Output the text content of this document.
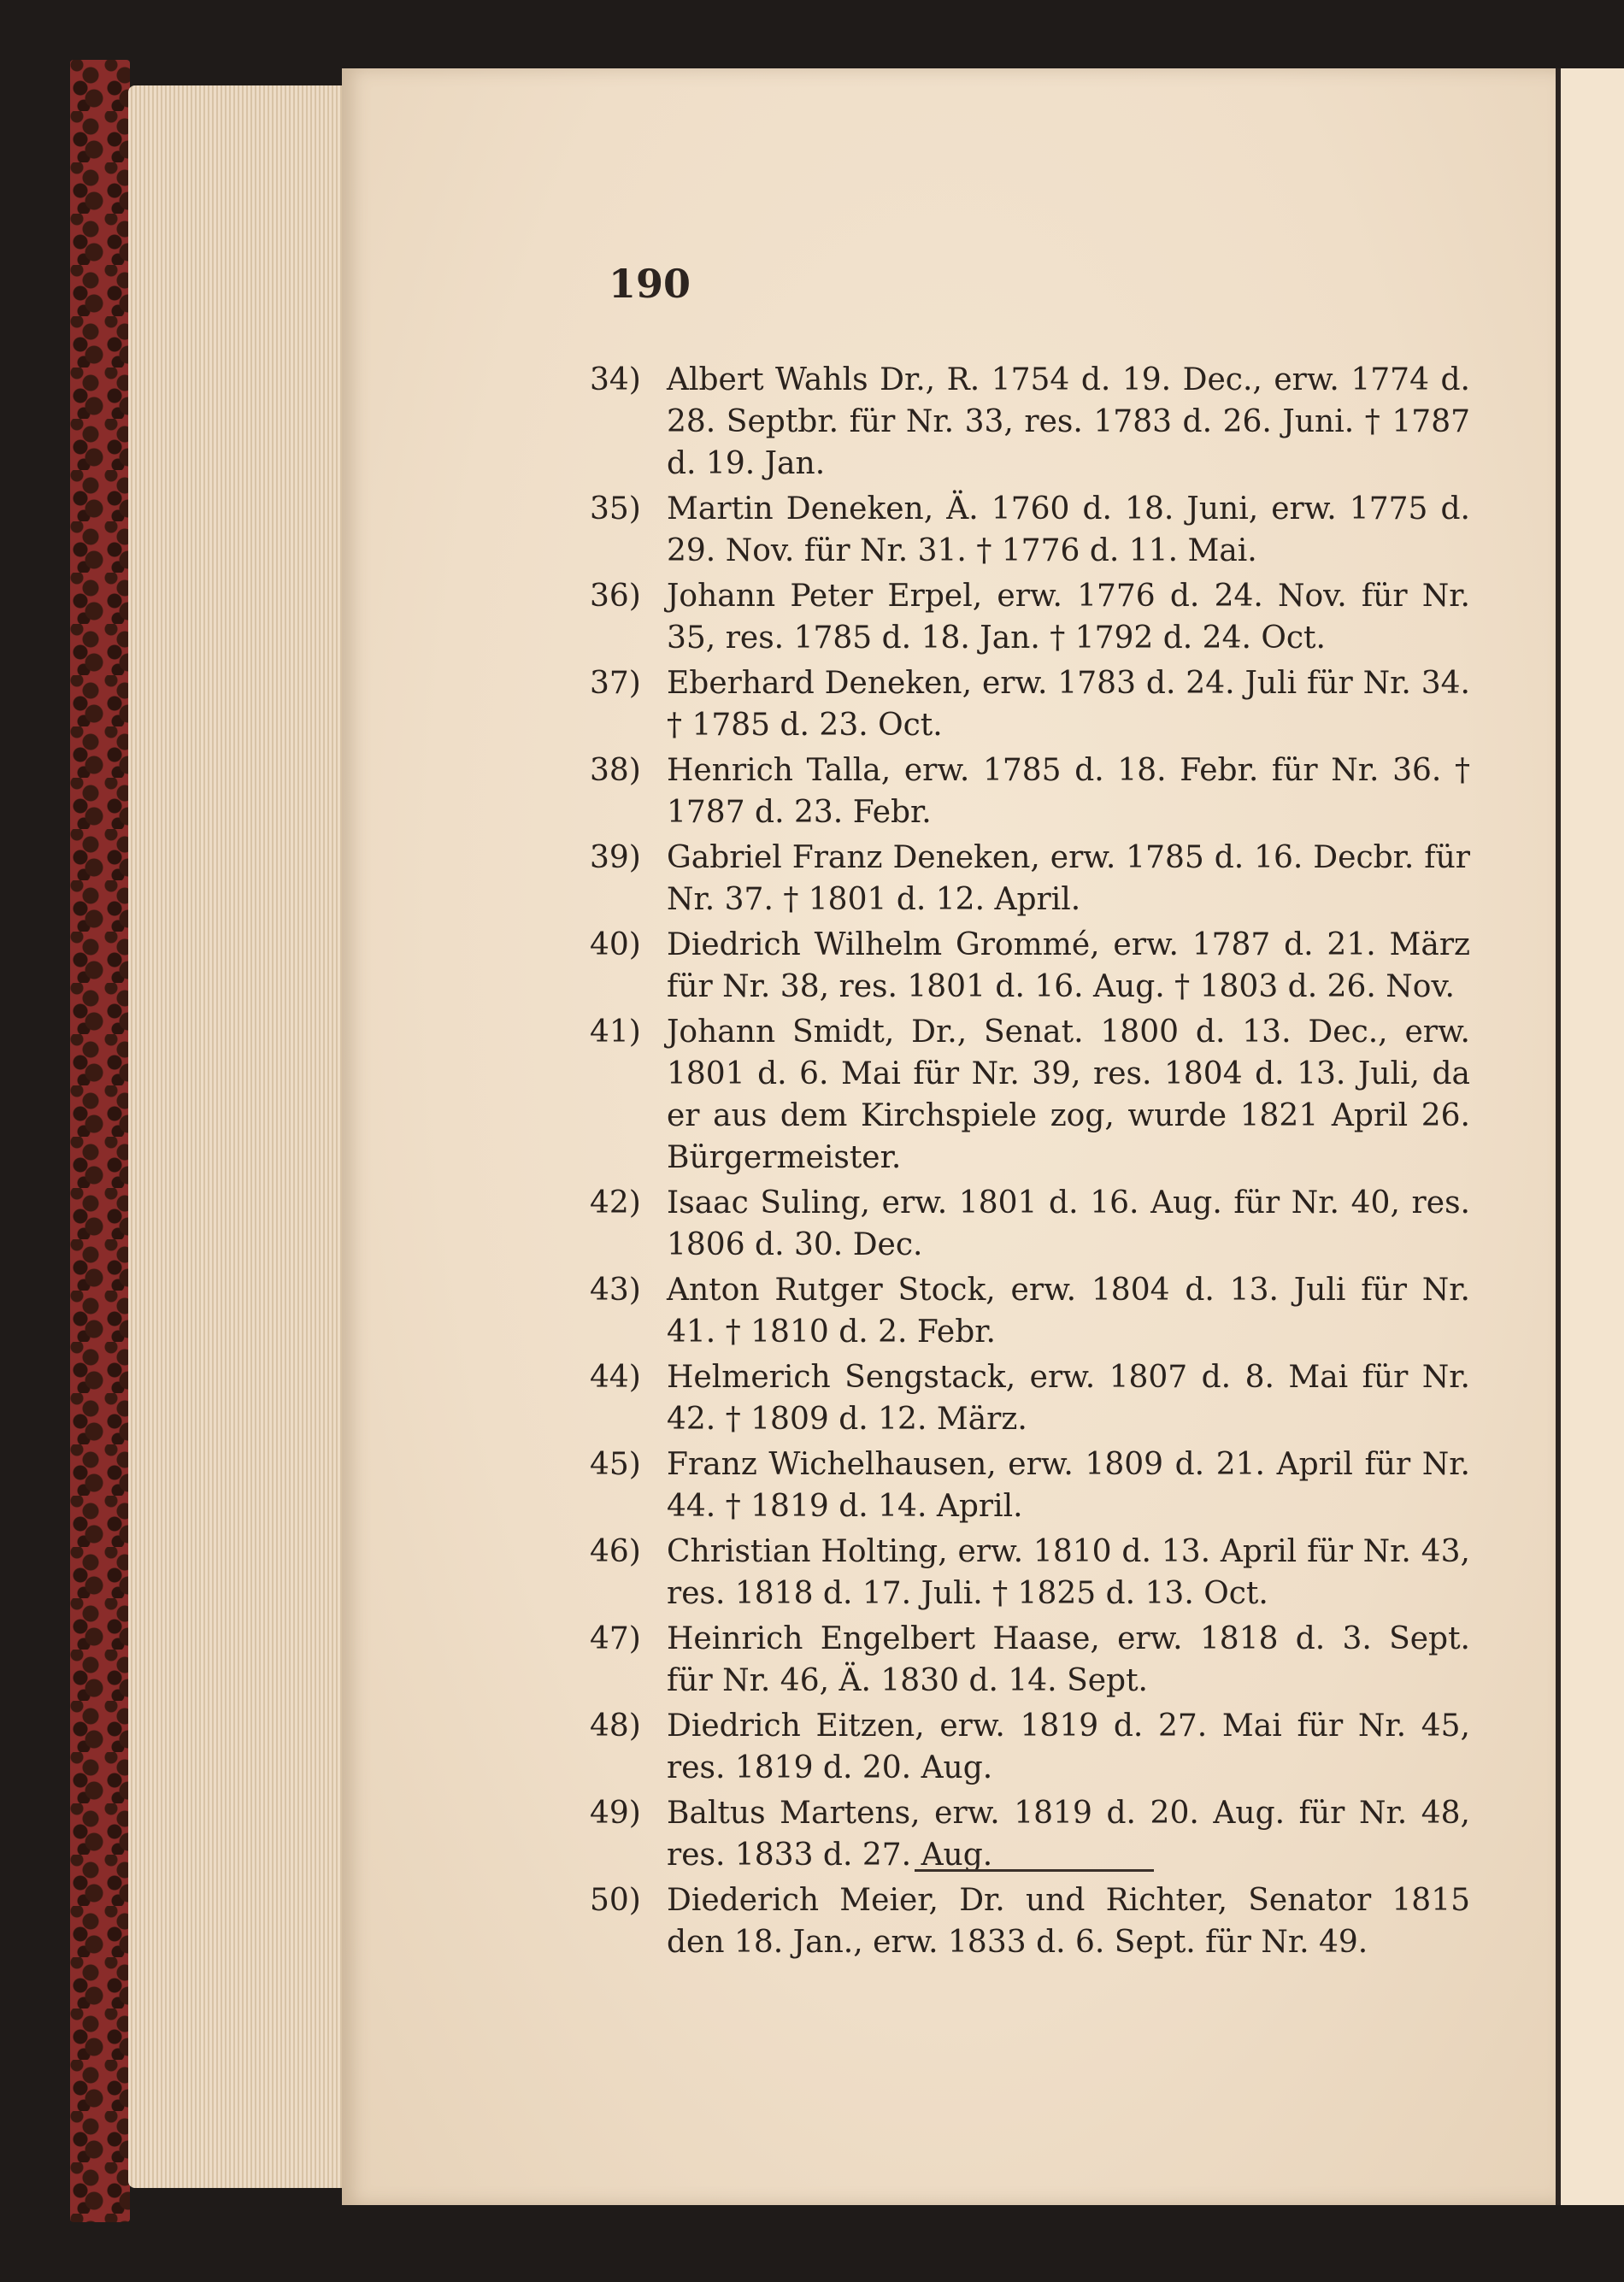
190
34) Albert Wahls Dr., R. 1754 d. 19. Dec., erw. 1774 d. 28. Septbr. für Nr. 33, res. 1783 d. 26. Juni. † 1787 d. 19. Jan.
35) Martin Deneken, Ä. 1760 d. 18. Juni, erw. 1775 d. 29. Nov. für Nr. 31. † 1776 d. 11. Mai.
36) Johann Peter Erpel, erw. 1776 d. 24. Nov. für Nr. 35, res. 1785 d. 18. Jan. † 1792 d. 24. Oct.
37) Eberhard Deneken, erw. 1783 d. 24. Juli für Nr. 34. † 1785 d. 23. Oct.
38) Henrich Talla, erw. 1785 d. 18. Febr. für Nr. 36. † 1787 d. 23. Febr.
39) Gabriel Franz Deneken, erw. 1785 d. 16. Decbr. für Nr. 37. † 1801 d. 12. April.
40) Diedrich Wilhelm Grommé, erw. 1787 d. 21. März für Nr. 38, res. 1801 d. 16. Aug. † 1803 d. 26. Nov.
41) Johann Smidt, Dr., Senat. 1800 d. 13. Dec., erw. 1801 d. 6. Mai für Nr. 39, res. 1804 d. 13. Juli, da er aus dem Kirchspiele zog, wurde 1821 April 26. Bürgermeister.
42) Isaac Suling, erw. 1801 d. 16. Aug. für Nr. 40, res. 1806 d. 30. Dec.
43) Anton Rutger Stock, erw. 1804 d. 13. Juli für Nr. 41. † 1810 d. 2. Febr.
44) Helmerich Sengstack, erw. 1807 d. 8. Mai für Nr. 42. † 1809 d. 12. März.
45) Franz Wichelhausen, erw. 1809 d. 21. April für Nr. 44. † 1819 d. 14. April.
46) Christian Holting, erw. 1810 d. 13. April für Nr. 43, res. 1818 d. 17. Juli. † 1825 d. 13. Oct.
47) Heinrich Engelbert Haase, erw. 1818 d. 3. Sept. für Nr. 46, Ä. 1830 d. 14. Sept.
48) Diedrich Eitzen, erw. 1819 d. 27. Mai für Nr. 45, res. 1819 d. 20. Aug.
49) Baltus Martens, erw. 1819 d. 20. Aug. für Nr. 48, res. 1833 d. 27. Aug.
50) Diederich Meier, Dr. und Richter, Senator 1815 den 18. Jan., erw. 1833 d. 6. Sept. für Nr. 49.
